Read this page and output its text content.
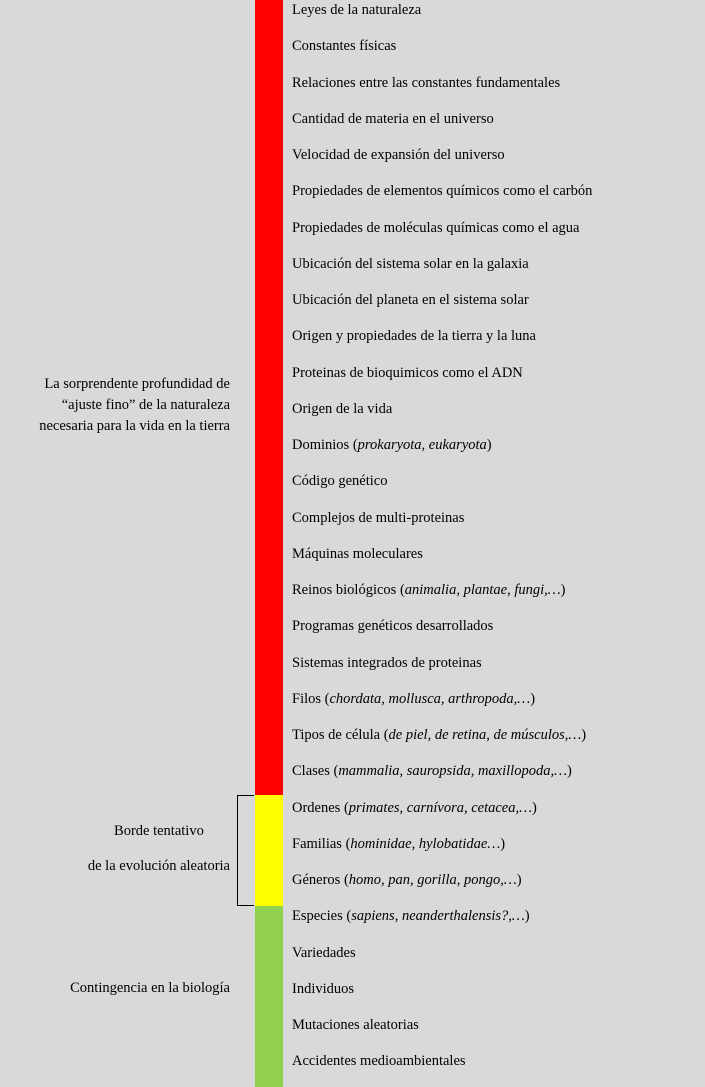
La sorprendente profundidad de
“ajuste fino” de la naturaleza
necesaria para la vida en la tierra
Borde tentativo
de la evolución aleatoria
Contingencia en la biología
Leyes de la naturaleza
Constantes físicas
Relaciones entre las constantes fundamentales
Cantidad de materia en el universo
Velocidad de expansión del universo
Propiedades de elementos químicos como el carbón
Propiedades de moléculas químicas como el agua
Ubicación del sistema solar en la galaxia
Ubicación del planeta en el sistema solar
Origen y propiedades de la tierra y la luna
Proteinas de bioquimicos como el ADN
Origen de la vida
Dominios (prokaryota, eukaryota)
Código genético
Complejos de multi-proteinas
Máquinas moleculares
Reinos biológicos (animalia, plantae, fungi,…)
Programas genéticos desarrollados
Sistemas integrados de proteinas
Filos (chordata, mollusca, arthropoda,…)
Tipos de célula (de piel, de retina, de músculos,…)
Clases (mammalia, sauropsida, maxillopoda,…)
Ordenes (primates, carnívora, cetacea,…)
Familias (hominidae, hylobatidae…)
Géneros (homo, pan, gorilla, pongo,…)
Especies (sapiens, neanderthalensis?,…)
Variedades
Individuos
Mutaciones aleatorias
Accidentes medioambientales
